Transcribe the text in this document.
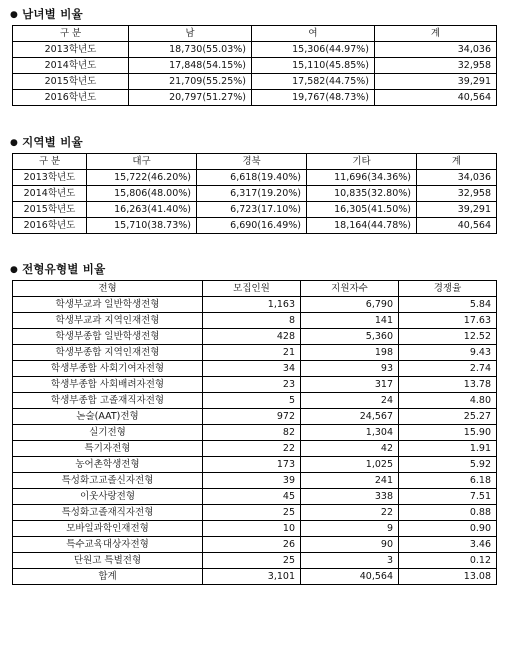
● 남녀별 비율
구 분	남	여	계
2013학년도	18,730(55.03%)	15,306(44.97%)	34,036
2014학년도	17,848(54.15%)	15,110(45.85%)	32,958
2015학년도	21,709(55.25%)	17,582(44.75%)	39,291
2016학년도	20,797(51.27%)	19,767(48.73%)	40,564
● 지역별 비율
구 분	대구	경북	기타	계
2013학년도	15,722(46.20%)	6,618(19.40%)	11,696(34.36%)	34,036
2014학년도	15,806(48.00%)	6,317(19.20%)	10,835(32.80%)	32,958
2015학년도	16,263(41.40%)	6,723(17.10%)	16,305(41.50%)	39,291
2016학년도	15,710(38.73%)	6,690(16.49%)	18,164(44.78%)	40,564
● 전형유형별 비율
전형	모집인원	지원자수	경쟁율
학생부교과 일반학생전형	1,163	6,790	5.84
학생부교과 지역인재전형	8	141	17.63
학생부종합 일반학생전형	428	5,360	12.52
학생부종합 지역인재전형	21	198	9.43
학생부종합 사회기여자전형	34	93	2.74
학생부종합 사회배려자전형	23	317	13.78
학생부종합 고졸재직자전형	5	24	4.80
논술(AAT)전형	972	24,567	25.27
실기전형	82	1,304	15.90
특기자전형	22	42	1.91
농어촌학생전형	173	1,025	5.92
특성화고교졸신자전형	39	241	6.18
이웃사랑전형	45	338	7.51
특성화고졸재직자전형	25	22	0.88
모바일과학인재전형	10	9	0.90
특수교육대상자전형	26	90	3.46
단원고 특별전형	25	3	0.12
합계	3,101	40,564	13.08
